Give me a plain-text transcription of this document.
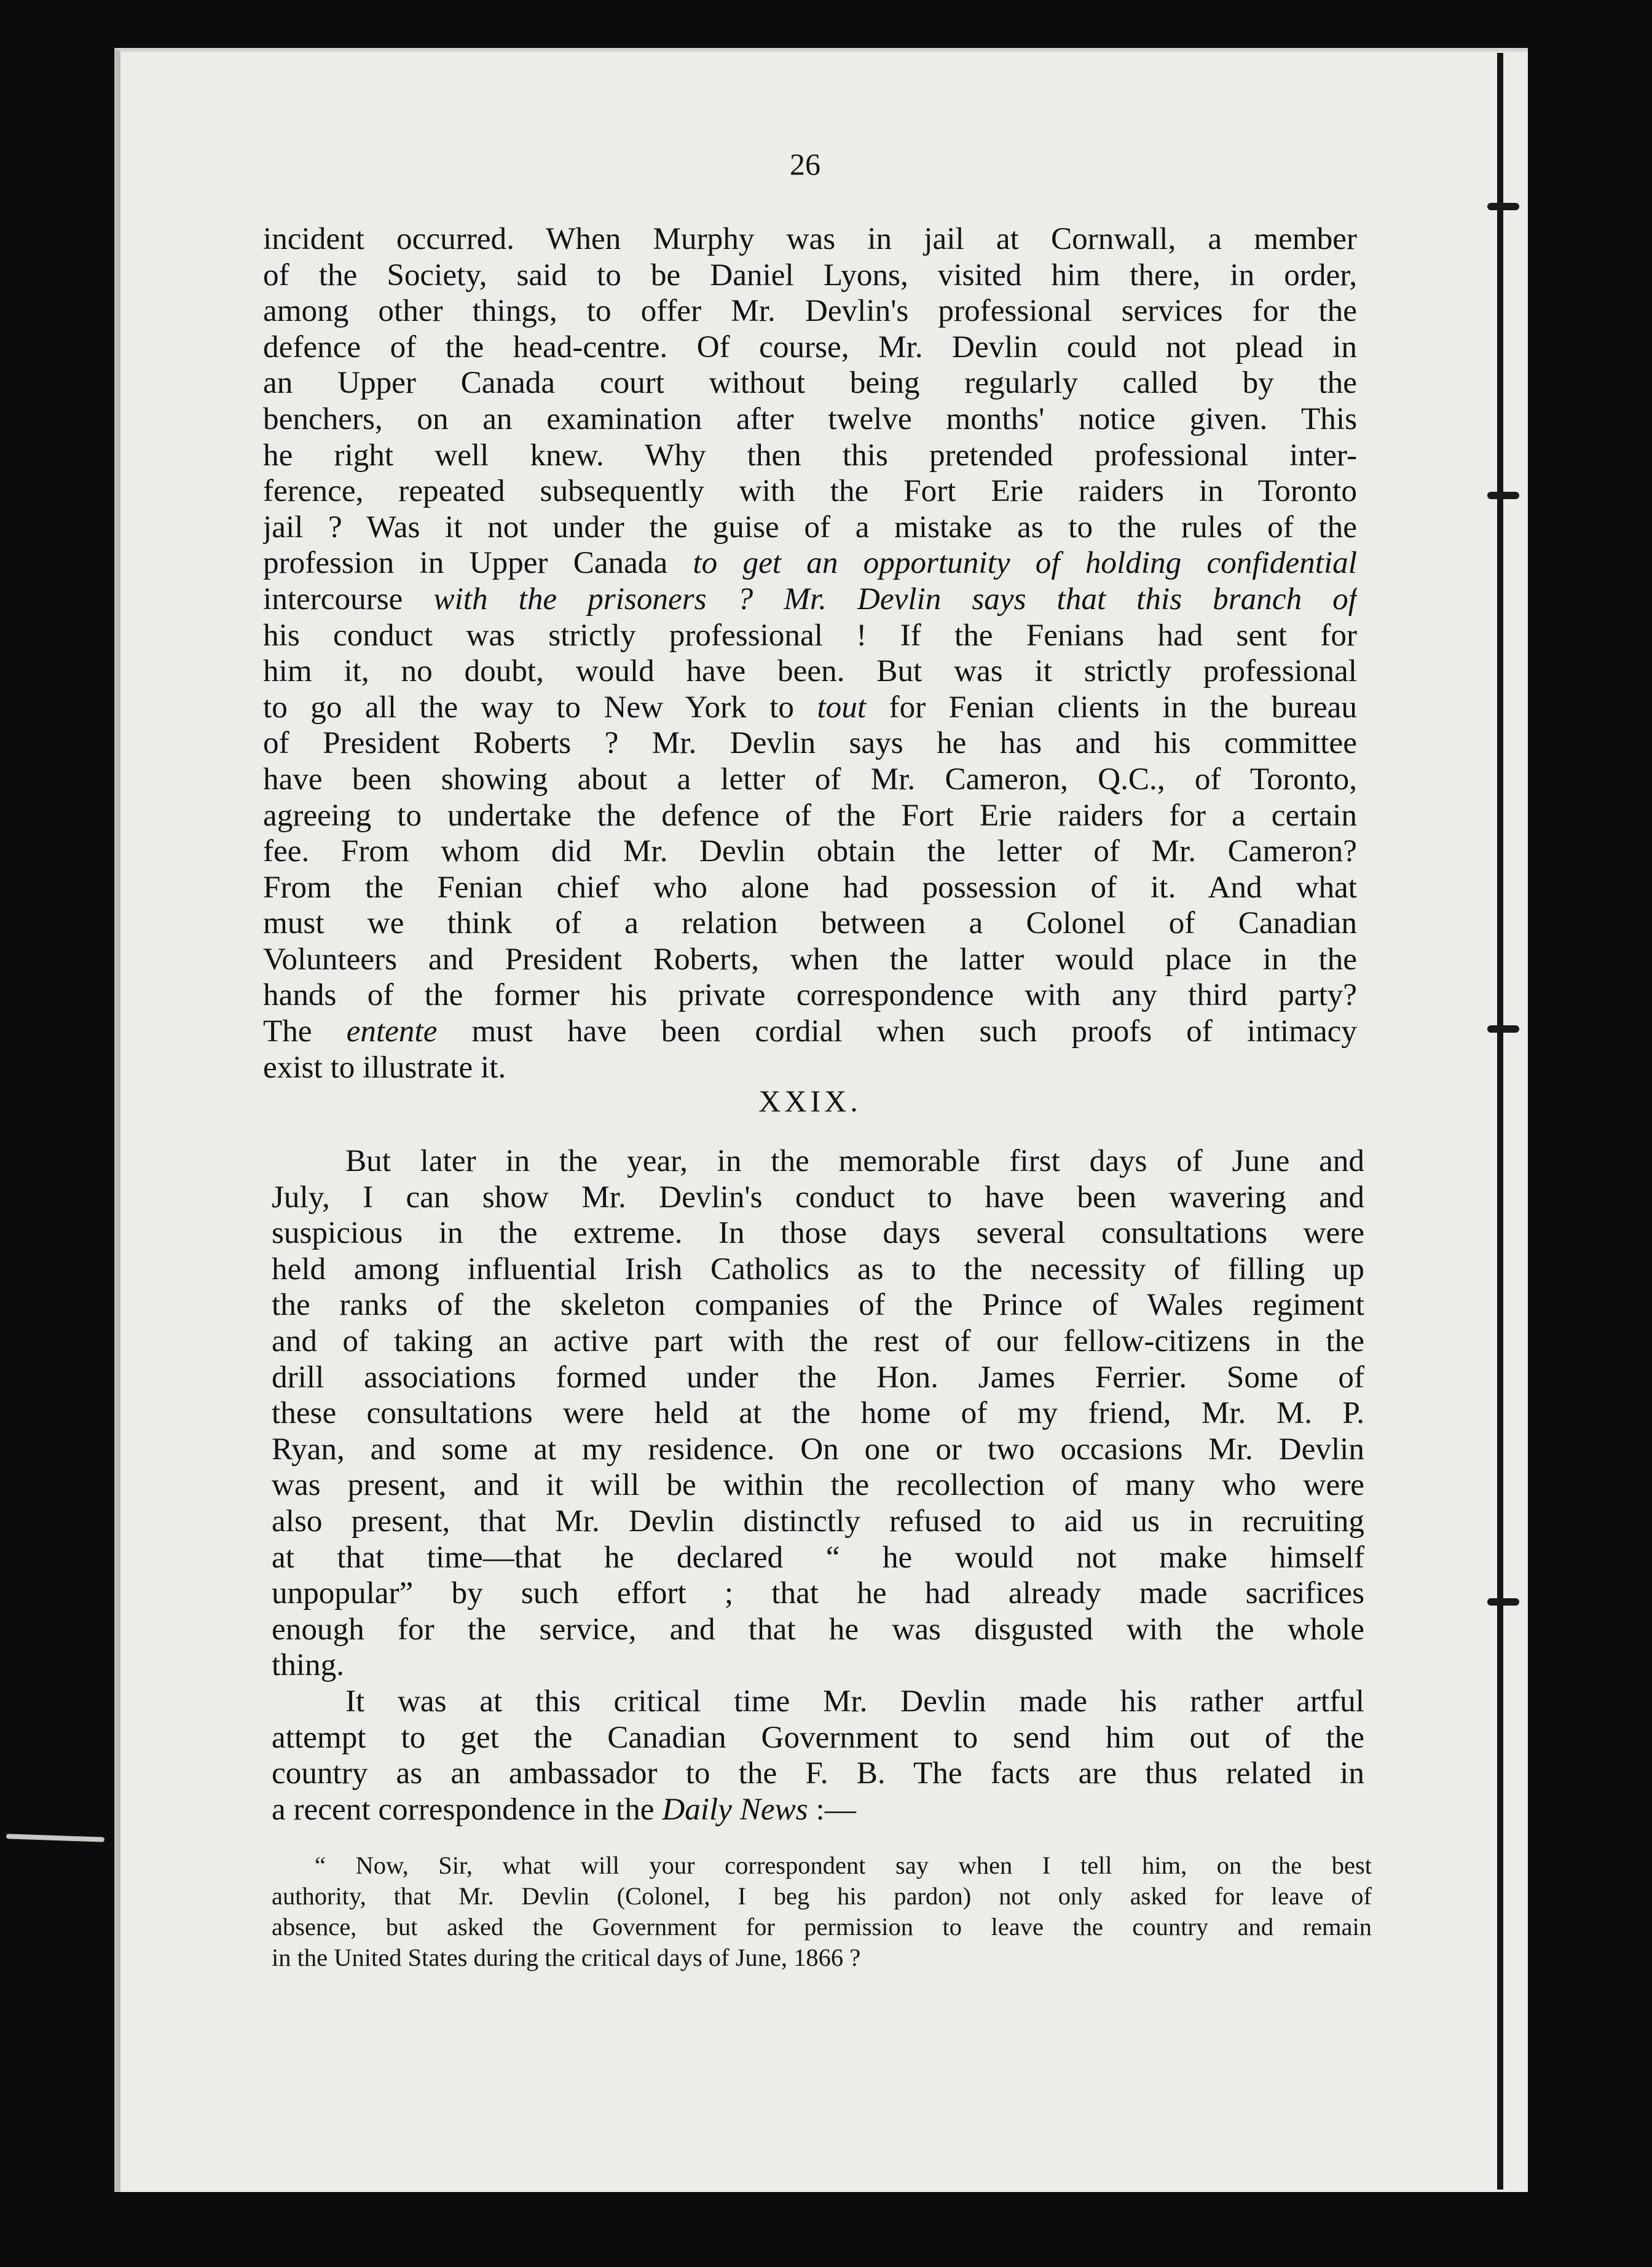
26

incident occurred. When Murphy was in jail at Cornwall, a member
of the Society, said to be Daniel Lyons, visited him there, in order,
among other things, to offer Mr. Devlin's professional services for the
defence of the head-centre. Of course, Mr. Devlin could not plead in
an Upper Canada court without being regularly called by the
benchers, on an examination after twelve months' notice given. This
he right well knew. Why then this pretended professional inter-
ference, repeated subsequently with the Fort Erie raiders in Toronto
jail ? Was it not under the guise of a mistake as to the rules of the
profession in Upper Canada to get an opportunity of holding confidential
intercourse with the prisoners ? Mr. Devlin says that this branch of
his conduct was strictly professional ! If the Fenians had sent for
him it, no doubt, would have been. But was it strictly professional
to go all the way to New York to tout for Fenian clients in the bureau
of President Roberts ? Mr. Devlin says he has and his committee
have been showing about a letter of Mr. Cameron, Q.C., of Toronto,
agreeing to undertake the defence of the Fort Erie raiders for a certain
fee. From whom did Mr. Devlin obtain the letter of Mr. Cameron?
From the Fenian chief who alone had possession of it. And what
must we think of a relation between a Colonel of Canadian
Volunteers and President Roberts, when the latter would place in the
hands of the former his private correspondence with any third party?
The entente must have been cordial when such proofs of intimacy
exist to illustrate it.
XXIX.
But later in the year, in the memorable first days of June and
July, I can show Mr. Devlin's conduct to have been wavering and
suspicious in the extreme. In those days several consultations were
held among influential Irish Catholics as to the necessity of filling up
the ranks of the skeleton companies of the Prince of Wales regiment
and of taking an active part with the rest of our fellow-citizens in the
drill associations formed under the Hon. James Ferrier. Some of
these consultations were held at the home of my friend, Mr. M. P.
Ryan, and some at my residence. On one or two occasions Mr. Devlin
was present, and it will be within the recollection of many who were
also present, that Mr. Devlin distinctly refused to aid us in recruiting
at that time—that he declared “ he would not make himself
unpopular” by such effort ; that he had already made sacrifices
enough for the service, and that he was disgusted with the whole
thing.
It was at this critical time Mr. Devlin made his rather artful
attempt to get the Canadian Government to send him out of the
country as an ambassador to the F. B. The facts are thus related in
a recent correspondence in the Daily News :—
“ Now, Sir, what will your correspondent say when I tell him, on the best
authority, that Mr. Devlin (Colonel, I beg his pardon) not only asked for leave of
absence, but asked the Government for permission to leave the country and remain
in the United States during the critical days of June, 1866 ?
